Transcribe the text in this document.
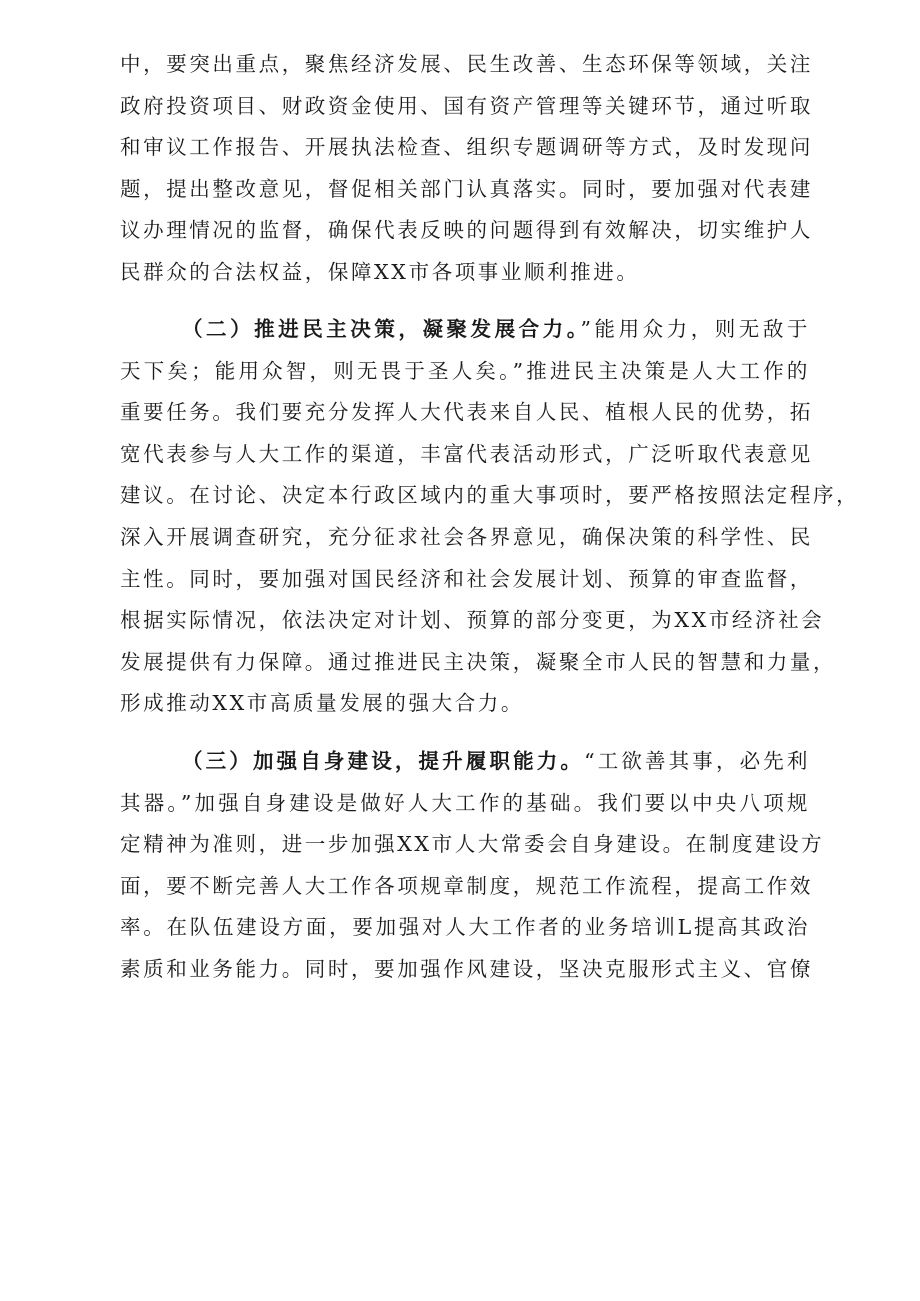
中，要突出重点，聚焦经济发展、民生改善、生态环保等领域，关注
政府投资项目、财政资金使用、国有资产管理等关键环节，通过听取
和审议工作报告、开展执法检查、组织专题调研等方式，及时发现问
题，提出整改意见，督促相关部门认真落实。同时，要加强对代表建
议办理情况的监督，确保代表反映的问题得到有效解决，切实维护人
民群众的合法权益，保障XX市各项事业顺利推进。
（二）推进民主决策，凝聚发展合力。”能用众力，则无敌于
天下矣；能用众智，则无畏于圣人矣。”推进民主决策是人大工作的
重要任务。我们要充分发挥人大代表来自人民、植根人民的优势，拓
宽代表参与人大工作的渠道，丰富代表活动形式，广泛听取代表意见
建议。在讨论、决定本行政区域内的重大事项时，要严格按照法定程序，
深入开展调查研究，充分征求社会各界意见，确保决策的科学性、民
主性。同时，要加强对国民经济和社会发展计划、预算的审查监督，
根据实际情况，依法决定对计划、预算的部分变更，为XX市经济社会
发展提供有力保障。通过推进民主决策，凝聚全市人民的智慧和力量，
形成推动XX市高质量发展的强大合力。
（三）加强自身建设，提升履职能力。“工欲善其事，必先利
其器。”加强自身建设是做好人大工作的基础。我们要以中央八项规
定精神为准则，进一步加强XX市人大常委会自身建设。在制度建设方
面，要不断完善人大工作各项规章制度，规范工作流程，提高工作效
率。在队伍建设方面，要加强对人大工作者的业务培训L提高其政治
素质和业务能力。同时，要加强作风建设，坚决克服形式主义、官僚
